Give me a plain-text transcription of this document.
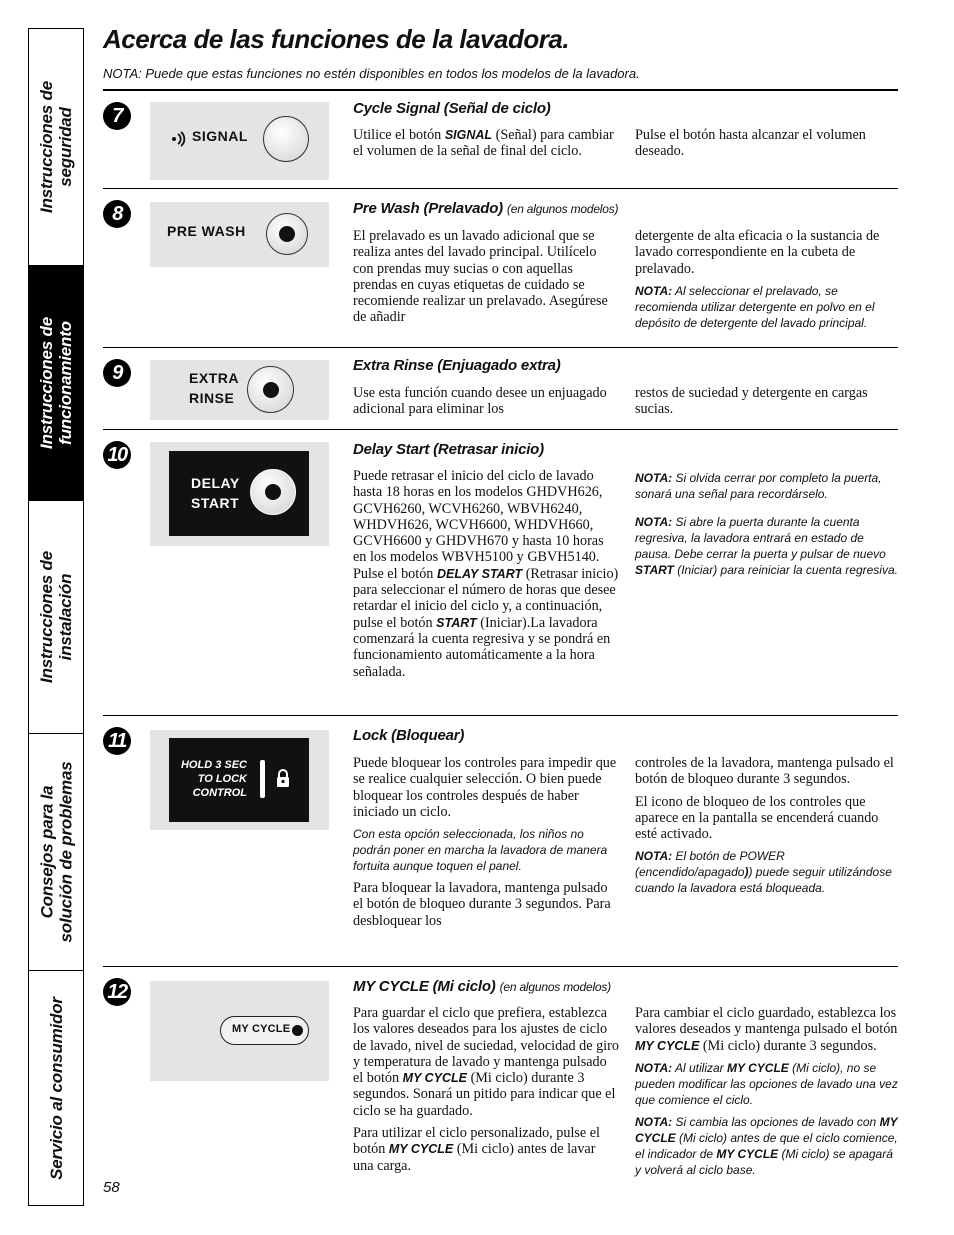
Instrucciones de
seguridad
Instrucciones de
funcionamiento
Instrucciones de
instalación
Consejos para la
solución de problemas
Servicio al consumidor
Acerca de las funciones de la lavadora.
NOTA: Puede que estas funciones no estén disponibles en todos los modelos de la lavadora.
7
SIGNAL
Cycle Signal (Señal de ciclo)

Utilice el botón SIGNAL (Señal) para cambiar el volumen de la señal de final del ciclo.

Pulse el botón hasta alcanzar el volumen deseado.

8
PRE WASH
Pre Wash (Prelavado) (en algunos modelos)

El prelavado es un lavado adicional que se realiza antes del lavado principal. Utilícelo con prendas muy sucias o con aquellas prendas en cuyas etiquetas de cuidado se recomiende realizar un prelavado. Asegúrese de añadir

detergente de alta eficacia o la sustancia de lavado correspondiente en la cubeta de prelavado.

NOTA: Al seleccionar el prelavado, se recomienda utilizar detergente en polvo en el depósito de detergente del lavado principal.

9	EXTRA
RINSE
Extra Rinse (Enjuagado extra)

Use esta función cuando desee un enjuagado adicional para eliminar los

restos de suciedad y detergente en cargas sucias.

10
DELAY
START
Delay Start (Retrasar inicio)

Puede retrasar el inicio del ciclo de lavado hasta 18 horas en los modelos GHDVH626, GCVH6260, WCVH6260, WBVH6240, WHDVH626, WCVH6600, WHDVH660, GCVH6600 y GHDVH670 y hasta 10 horas en los modelos WBVH5100 y GBVH5140. Pulse el botón DELAY START (Retrasar inicio) para seleccionar el número de horas que desee retardar el inicio del ciclo y, a continuación, pulse el botón START (Iniciar).La lavadora comenzará la cuenta regresiva y se pondrá en funcionamiento automáticamente a la hora señalada.

NOTA: Si olvida cerrar por completo la puerta, sonará una señal para recordárselo.

NOTA: Si abre la puerta durante la cuenta regresiva, la lavadora entrará en estado de pausa. Debe cerrar la puerta y pulsar de nuevo START (Iniciar) para reiniciar la cuenta regresiva.

11
HOLD 3 SEC
TO LOCK
CONTROL
Lock (Bloquear)

Puede bloquear los controles para impedir que se realice cualquier selección. O bien puede bloquear los controles después de haber iniciado un ciclo.

Con esta opción seleccionada, los niños no podrán poner en marcha la lavadora de manera fortuita aunque toquen el panel.

Para bloquear la lavadora, mantenga pulsado el botón de bloqueo durante 3 segundos. Para desbloquear los

controles de la lavadora, mantenga pulsado el botón de bloqueo durante 3 segundos.

El icono de bloqueo de los controles que aparece en la pantalla se encenderá cuando esté activado.

NOTA: El botón de POWER (encendido/apagado)) puede seguir utilizándose cuando la lavadora está bloqueada.

12
MY CYCLE
MY CYCLE (Mi ciclo) (en algunos modelos)

Para guardar el ciclo que prefiera, establezca los valores deseados para los ajustes de ciclo de lavado, nivel de suciedad, velocidad de giro y temperatura de lavado y mantenga pulsado el botón MY CYCLE (Mi ciclo) durante 3 segundos. Sonará un pitido para indicar que el ciclo se ha guardado.

Para utilizar el ciclo personalizado, pulse el botón MY CYCLE (Mi ciclo) antes de lavar una carga.

Para cambiar el ciclo guardado, establezca los valores deseados y mantenga pulsado el botón MY CYCLE (Mi ciclo) durante 3 segundos.

NOTA: Al utilizar MY CYCLE (Mi ciclo), no se pueden modificar las opciones de lavado una vez que comience el ciclo.

NOTA: Si cambia las opciones de lavado con MY CYCLE (Mi ciclo) antes de que el ciclo comience, el indicador de MY CYCLE (Mi ciclo) se apagará y volverá al ciclo base.

58
